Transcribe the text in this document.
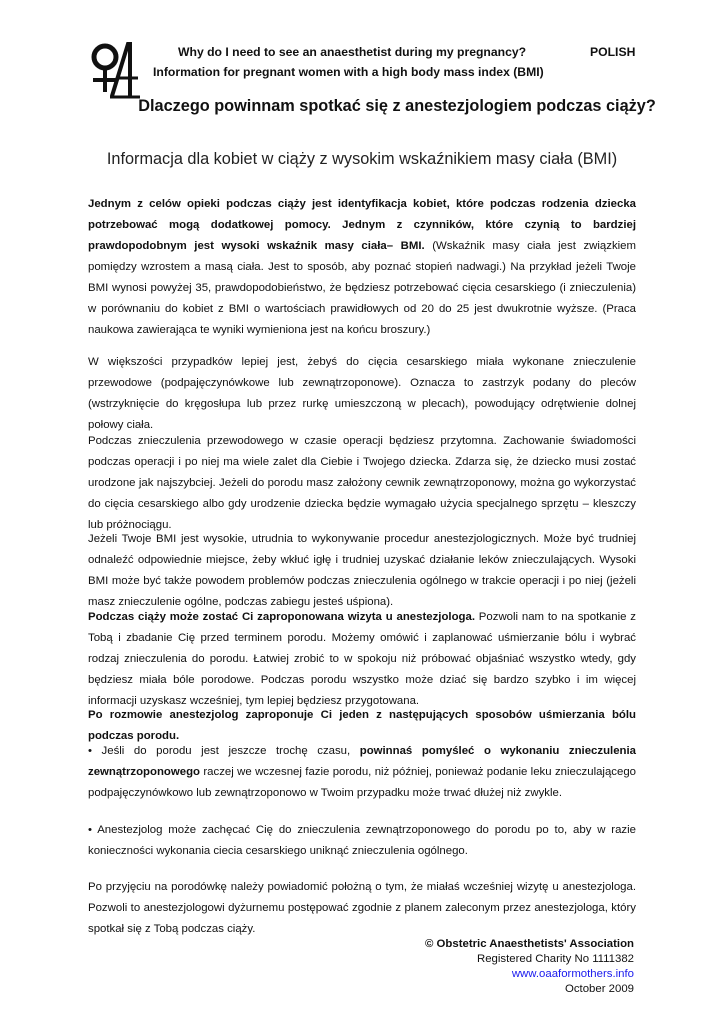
Why do I need to see an anaesthetist during my pregnancy?	POLISH
Information for pregnant women with a high body mass index (BMI)
Dlaczego powinnam spotkać się z anestezjologiem podczas ciąży?
Informacja dla kobiet w ciąży z wysokim wskaźnikiem masy ciała (BMI)
Jednym z celów opieki podczas ciąży jest identyfikacja kobiet, które podczas rodzenia dziecka potrzebować mogą dodatkowej pomocy. Jednym z czynników, które czynią to bardziej prawdopodobnym jest wysoki wskaźnik masy ciała– BMI. (Wskaźnik masy ciała jest związkiem pomiędzy wzrostem a masą ciała. Jest to sposób, aby poznać stopień nadwagi.) Na przykład jeżeli Twoje BMI wynosi powyżej 35, prawdopodobieństwo, że będziesz potrzebować cięcia cesarskiego (i znieczulenia) w porównaniu do kobiet z BMI o wartościach prawidłowych od 20 do 25 jest dwukrotnie wyższe. (Praca naukowa zawierająca te wyniki wymieniona jest na końcu broszury.)
W większości przypadków lepiej jest, żebyś do cięcia cesarskiego miała wykonane znieczulenie przewodowe (podpajęczynówkowe lub zewnątrzoponowe). Oznacza to zastrzyk podany do pleców (wstrzyknięcie do kręgosłupa lub przez rurkę umieszczoną w plecach), powodujący odrętwienie dolnej połowy ciała.
Podczas znieczulenia przewodowego w czasie operacji będziesz przytomna. Zachowanie świadomości podczas operacji i po niej ma wiele zalet dla Ciebie i Twojego dziecka. Zdarza się, że dziecko musi zostać urodzone jak najszybciej. Jeżeli do porodu masz założony cewnik zewnątrzoponowy, można go wykorzystać do cięcia cesarskiego albo gdy urodzenie dziecka będzie wymagało użycia specjalnego sprzętu – kleszczy lub próżnociągu.
Jeżeli Twoje BMI jest wysokie, utrudnia to wykonywanie procedur anestezjologicznych. Może być trudniej odnaleźć odpowiednie miejsce, żeby wkłuć igłę i trudniej uzyskać działanie leków znieczulających. Wysoki BMI może być także powodem problemów podczas znieczulenia ogólnego w trakcie operacji i po niej (jeżeli masz znieczulenie ogólne, podczas zabiegu jesteś uśpiona).
Podczas ciąży może zostać Ci zaproponowana wizyta u anestezjologa. Pozwoli nam to na spotkanie z Tobą i zbadanie Cię przed terminem porodu. Możemy omówić i zaplanować uśmierzanie bólu i wybrać rodzaj znieczulenia do porodu. Łatwiej zrobić to w spokoju niż próbować objaśniać wszystko wtedy, gdy będziesz miała bóle porodowe. Podczas porodu wszystko może dziać się bardzo szybko i im więcej informacji uzyskasz wcześniej, tym lepiej będziesz przygotowana.
Po rozmowie anestezjolog zaproponuje Ci jeden z następujących sposobów uśmierzania bólu podczas porodu.
• Jeśli do porodu jest jeszcze trochę czasu, powinnaś pomyśleć o wykonaniu znieczulenia zewnątrzoponowego raczej we wczesnej fazie porodu, niż później, ponieważ podanie leku znieczulającego podpajęczynówkowo lub zewnątrzoponowo w Twoim przypadku może trwać dłużej niż zwykle.
• Anestezjolog może zachęcać Cię do znieczulenia zewnątrzoponowego do porodu po to, aby w razie konieczności wykonania ciecia cesarskiego uniknąć znieczulenia ogólnego.
Po przyjęciu na porodówkę należy powiadomić położną o tym, że miałaś wcześniej wizytę u anestezjologa. Pozwoli to anestezjologowi dyżurnemu postępować zgodnie z planem zaleconym przez anestezjologa, który spotkał się z Tobą podczas ciąży.
© Obstetric Anaesthetists' Association
Registered Charity No 1111382
www.oaaformothers.info
October 2009
